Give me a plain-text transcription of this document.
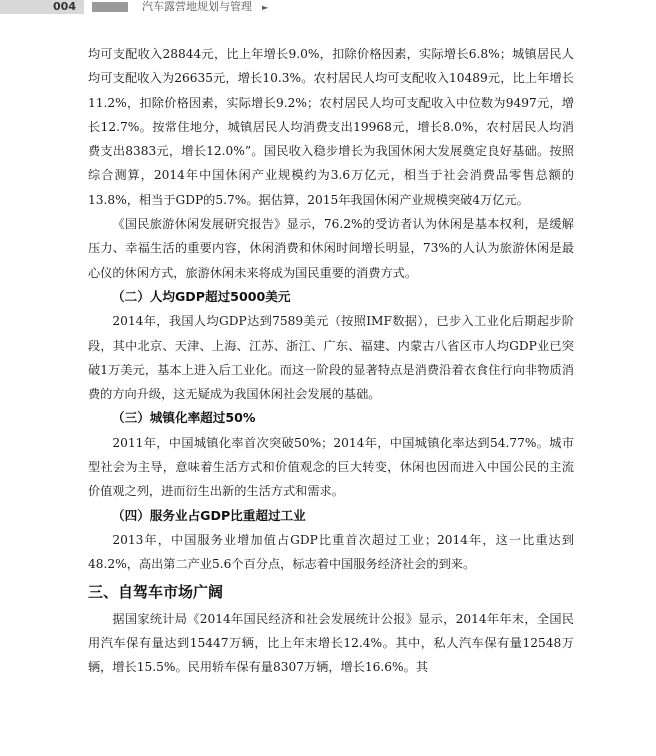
004	汽车露营地规划与管理 ►

均可支配收入28844元，比上年增长9.0%，扣除价格因素，实际增长6.8%；城镇居民人均可支配收入为26635元，增长10.3%。农村居民人均可支配收入10489元，比上年增长11.2%，扣除价格因素，实际增长9.2%；农村居民人均可支配收入中位数为9497元，增长12.7%。按常住地分，城镇居民人均消费支出19968元，增长8.0%，农村居民人均消费支出8383元，增长12.0%”。国民收入稳步增长为我国休闲大发展奠定良好基础。按照综合测算，2014年中国休闲产业规模约为3.6万亿元，相当于社会消费品零售总额的13.8%，相当于GDP的5.7%。据估算，2015年我国休闲产业规模突破4万亿元。

《国民旅游休闲发展研究报告》显示，76.2%的受访者认为休闲是基本权利，是缓解压力、幸福生活的重要内容，休闲消费和休闲时间增长明显，73%的人认为旅游休闲是最心仪的休闲方式，旅游休闲未来将成为国民重要的消费方式。

（二）人均GDP超过5000美元

2014年，我国人均GDP达到7589美元（按照IMF数据），已步入工业化后期起步阶段，其中北京、天津、上海、江苏、浙江、广东、福建、内蒙古八省区市人均GDP业已突破1万美元，基本上进入后工业化。而这一阶段的显著特点是消费沿着衣食住行向非物质消费的方向升级，这无疑成为我国休闲社会发展的基础。

（三）城镇化率超过50%

2011年，中国城镇化率首次突破50%；2014年，中国城镇化率达到54.77%。城市型社会为主导，意味着生活方式和价值观念的巨大转变，休闲也因而进入中国公民的主流价值观之列，进而衍生出新的生活方式和需求。

（四）服务业占GDP比重超过工业

2013年，中国服务业增加值占GDP比重首次超过工业；2014年，这一比重达到48.2%，高出第二产业5.6个百分点，标志着中国服务经济社会的到来。

三、自驾车市场广阔

据国家统计局《2014年国民经济和社会发展统计公报》显示，2014年年末，全国民用汽车保有量达到15447万辆，比上年末增长12.4%。其中，私人汽车保有量12548万辆，增长15.5%。民用轿车保有量8307万辆，增长16.6%。其
